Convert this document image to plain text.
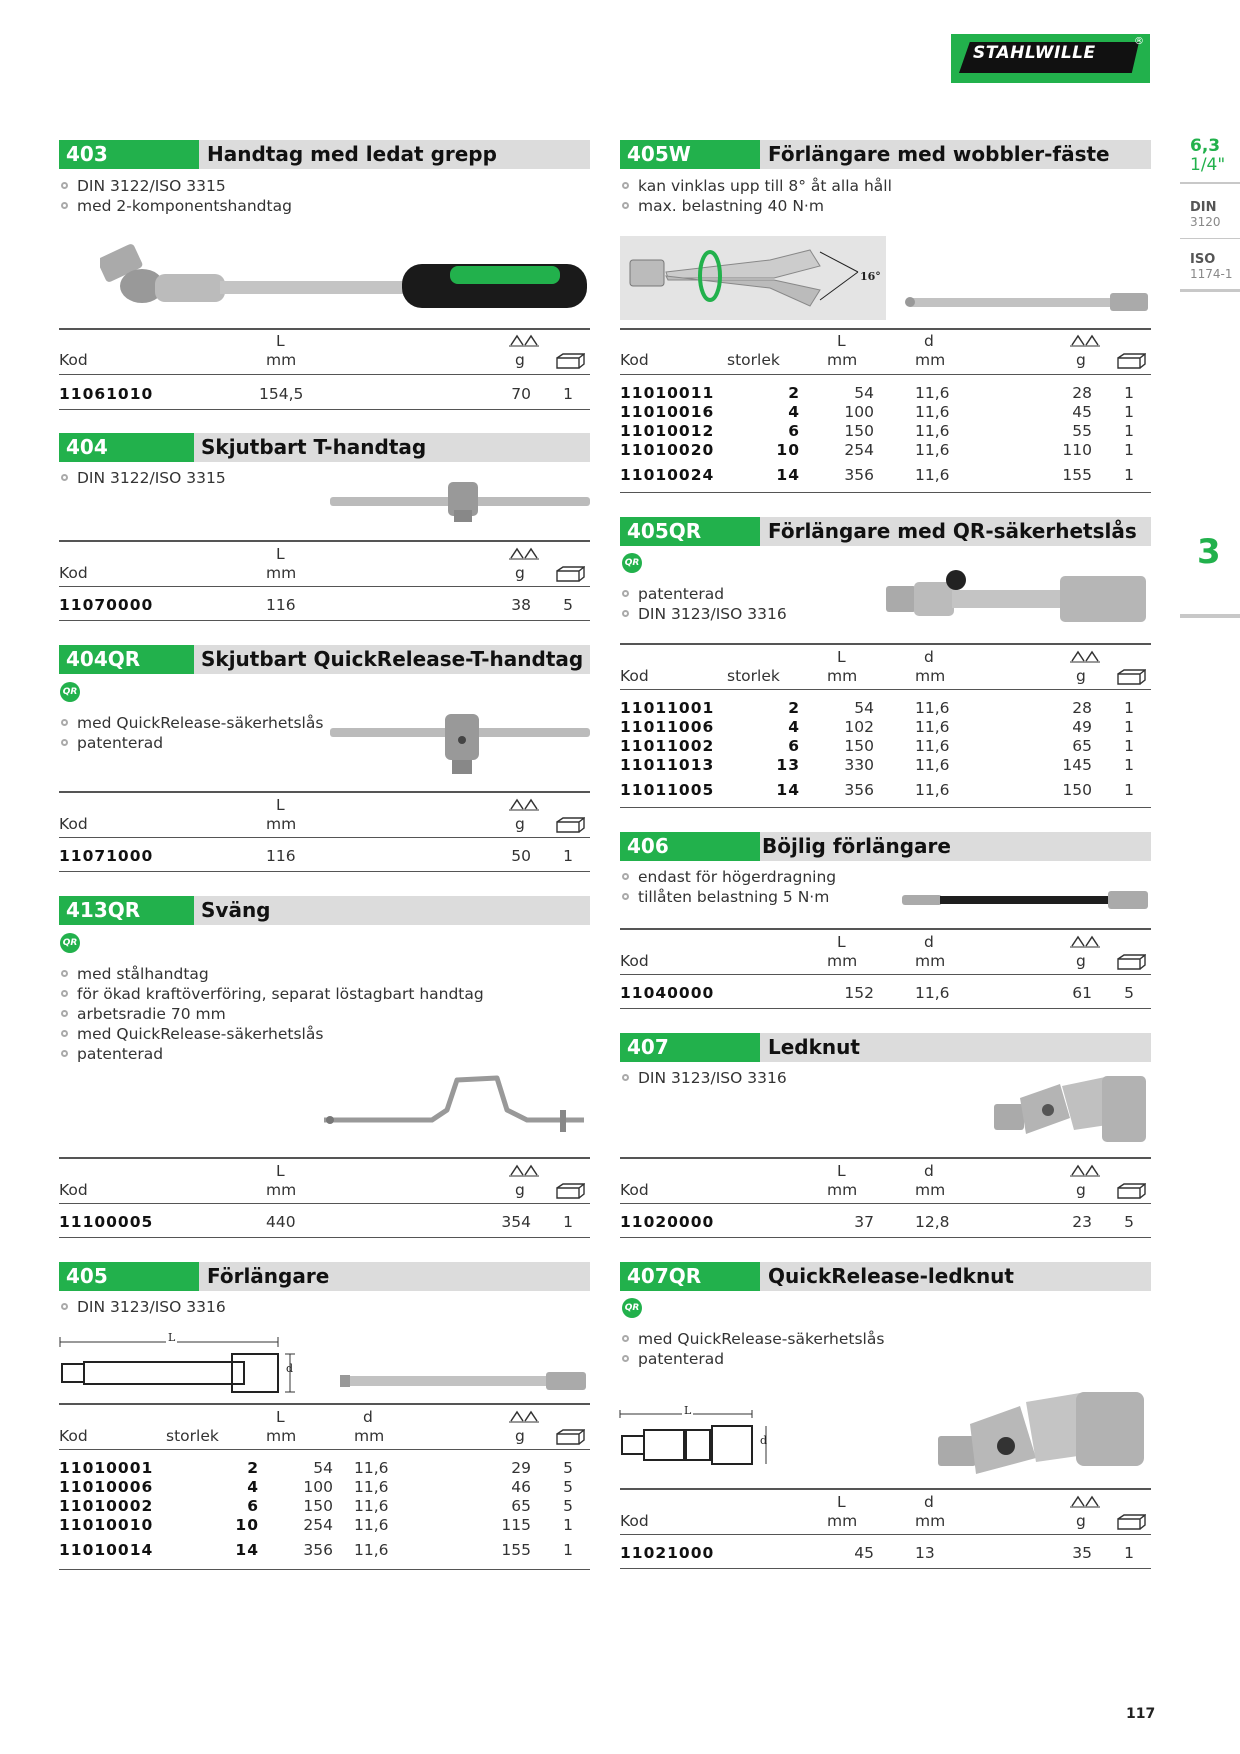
STAHLWILLE
®
6,3
1/4"
DIN
3120
ISO
1174-1
3
403	Handtag med ledat grepp
DIN 3122/ISO 3315
med 2-komponentshandtag
L
Kod	mm	g
11061010	154,5	70 1
404	Skjutbart T-handtag
DIN 3122/ISO 3315
L
Kod	mm	g
11070000	116	38 5
404QR	Skjutbart QuickRelease-T-handtag
QR
med QuickRelease-säkerhetslås
patenterad
L
Kod	mm	g
11071000	116	50 1
413QR	Sväng
QR
med stålhandtag
för ökad kraftöverföring, separat löstagbart handtag
arbetsradie 70 mm
med QuickRelease-säkerhetslås
patenterad
L
Kod	mm	g
11100005	440	354 1
405	Förlängare
DIN 3123/ISO 3316
L
d
L	d
Kod	storlek	mm	mm	g
11010001	2	54 11,6	29 5
11010006	4	100 11,6	46 5
11010002	6	150 11,6	65 5
11010010	10	254 11,6	115 1
11010014	14	356 11,6	155 1
405W	Förlängare med wobbler-fäste
kan vinklas upp till 8° åt alla håll
max. belastning 40 N·m
16°
L	d
Kod	storlek	mm	mm	g
11010011	2	54	11,6	28 1
11010016	4	100	11,6	45 1
11010012	6	150	11,6	55 1
11010020	10	254	11,6	110 1
11010024	14	356	11,6	155 1
405QR	Förlängare med QR-säkerhetslås
QR
patenterad
DIN 3123/ISO 3316
L	d
Kod	storlek	mm	mm	g
11011001	2	54	11,6	28 1
11011006	4	102	11,6	49 1
11011002	6	150	11,6	65 1
11011013	13	330	11,6	145 1
11011005	14	356	11,6	150 1
406	Böjlig förlängare
endast för högerdragning
tillåten belastning 5 N·m
L	d
Kod	mm	mm	g
11040000	152	11,6	61 5
407	Ledknut
DIN 3123/ISO 3316
L	d
Kod	mm	mm	g
11020000	37	12,8	23 5
407QR	QuickRelease-ledknut
QR
med QuickRelease-säkerhetslås
patenterad
L
d
L	d
Kod	mm	mm	g
11021000	45	13	35 1
117
